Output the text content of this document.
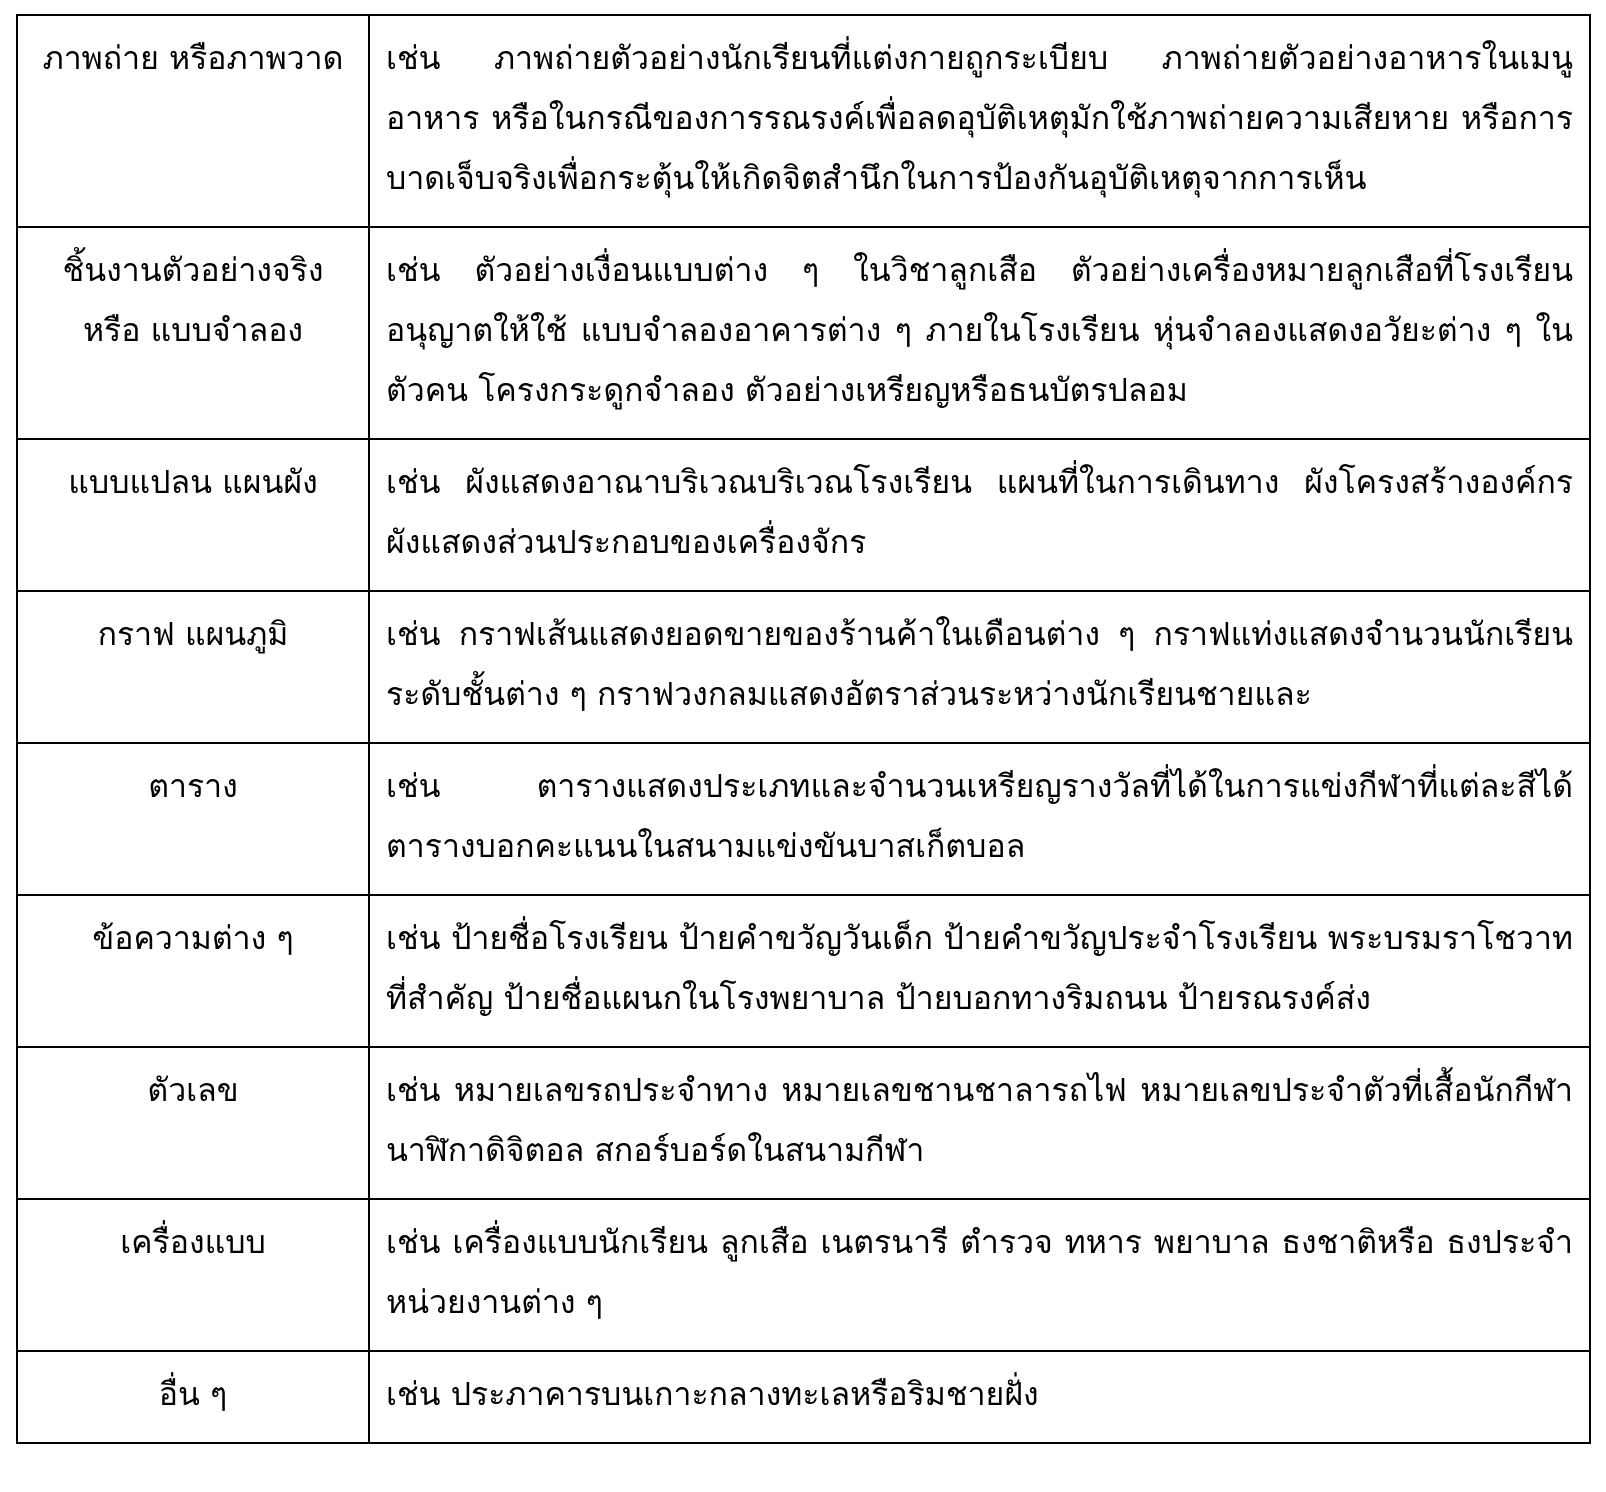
ภาพถ่าย หรือภาพวาด	เช่น ภาพถ่ายตัวอย่างนักเรียนที่แต่งกายถูกระเบียบ ภาพถ่ายตัวอย่างอาหารในเมนูอาหาร หรือในกรณีของการรณรงค์เพื่อลดอุบัติเหตุมักใช้ภาพถ่ายความเสียหาย หรือการบาดเจ็บจริงเพื่อกระตุ้นให้เกิดจิตสำนึกในการป้องกันอุบัติเหตุจากการเห็น

ชิ้นงานตัวอย่างจริง หรือ แบบจำลอง	เช่น ตัวอย่างเงื่อนแบบต่าง ๆ ในวิชาลูกเสือ ตัวอย่างเครื่องหมายลูกเสือที่โรงเรียนอนุญาตให้ใช้ แบบจำลองอาคารต่าง ๆ ภายในโรงเรียน หุ่นจำลองแสดงอวัยะต่าง ๆ ในตัวคน โครงกระดูกจำลอง ตัวอย่างเหรียญหรือธนบัตรปลอม

แบบแปลน แผนผัง	เช่น ผังแสดงอาณาบริเวณบริเวณโรงเรียน แผนที่ในการเดินทาง ผังโครงสร้างองค์กร ผังแสดงส่วนประกอบของเครื่องจักร

กราฟ แผนภูมิ	เช่น กราฟเส้นแสดงยอดขายของร้านค้าในเดือนต่าง ๆ กราฟแท่งแสดงจำนวนนักเรียนระดับชั้นต่าง ๆ กราฟวงกลมแสดงอัตราส่วนระหว่างนักเรียนชายและ

ตาราง	เช่น ตารางแสดงประเภทและจำนวนเหรียญรางวัลที่ได้ในการแข่งกีฬาที่แต่ละสีได้ ตารางบอกคะแนนในสนามแข่งขันบาสเก็ตบอล

ข้อความต่าง ๆ	เช่น ป้ายชื่อโรงเรียน ป้ายคำขวัญวันเด็ก ป้ายคำขวัญประจำโรงเรียน พระบรมราโชวาทที่สำคัญ ป้ายชื่อแผนกในโรงพยาบาล ป้ายบอกทางริมถนน ป้ายรณรงค์ส่ง

ตัวเลข	เช่น หมายเลขรถประจำทาง หมายเลขชานชาลารถไฟ หมายเลขประจำตัวที่เสื้อนักกีฬา นาฬิกาดิจิตอล สกอร์บอร์ดในสนามกีฬา

เครื่องแบบ	เช่น เครื่องแบบนักเรียน ลูกเสือ เนตรนารี ตำรวจ ทหาร พยาบาล ธงชาติหรือ ธงประจำหน่วยงานต่าง ๆ

อื่น ๆ	เช่น ประภาคารบนเกาะกลางทะเลหรือริมชายฝั่ง
